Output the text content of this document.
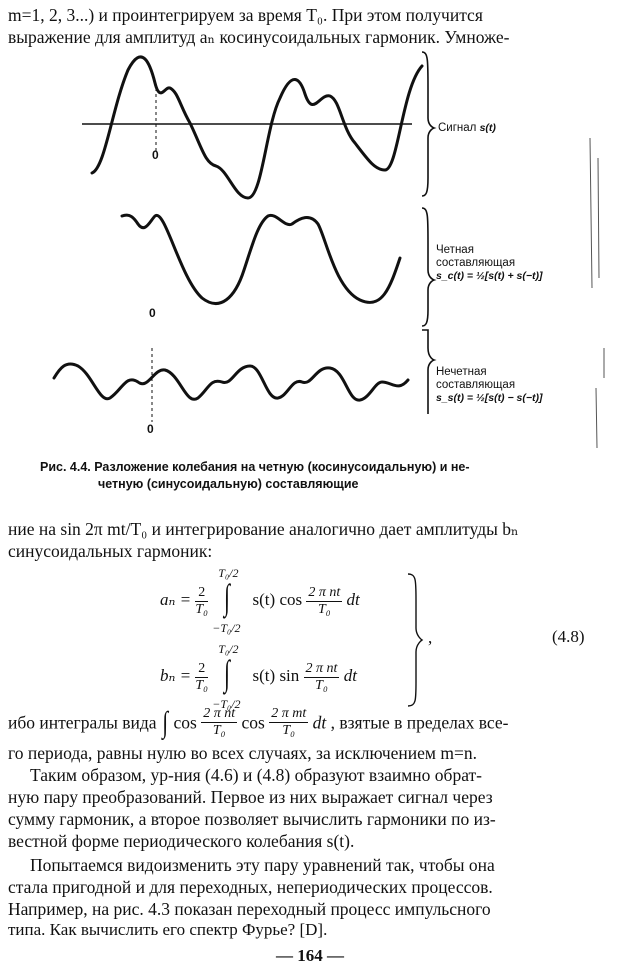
m=1, 2, 3...) и проинтегрируем за время T₀. При этом получится
выражение для амплитуд aₙ косинусоидальных гармоник. Умноже-
0
0
0
Сигнал s(t)
Четная
составляющая
s_c(t) = ½[s(t) + s(−t)]
Нечетная
составляющая
s_s(t) = ½[s(t) − s(−t)]
Рис. 4.4. Разложение колебания на четную (косинусоидальную) и не-
четную (синусоидальную) составляющие
ние на sin 2π mt/T₀ и интегрирование аналогично дает амплитуды bₙ
синусоидальных гармоник:
$a_n = \frac{2}{\text{T₀}}$

T₀/2
∫
−T₀/2
s(t) $\cos \frac{\text{2 π nt}}{\text{T₀}}$ dt
$b_n = \frac{2}{\text{T₀}}$

T₀/2
∫
−T₀/2
s(t) $\sin \frac{\text{2 π nt}}{\text{T₀}}$ dt
,	(4.8)
ибо интегралы вида ∫ $\cos \frac{\text{2 π nt}}{\text{T₀}}$ $\cos \frac{\text{2 π mt}}{\text{T₀}}$ dt , взятые в пределах все-
го периода, равны нулю во всех случаях, за исключением m=n.
Таким образом, ур-ния (4.6) и (4.8) образуют взаимно обрат-
ную пару преобразований. Первое из них выражает сигнал через
сумму гармоник, а второе позволяет вычислить гармоники по из-
вестной форме периодического колебания s(t).
Попытаемся видоизменить эту пару уравнений так, чтобы она
стала пригодной и для переходных, непериодических процессов.
Например, на рис. 4.3 показан переходный процесс импульсного
типа. Как вычислить его спектр Фурье? [D].
— 164 —
